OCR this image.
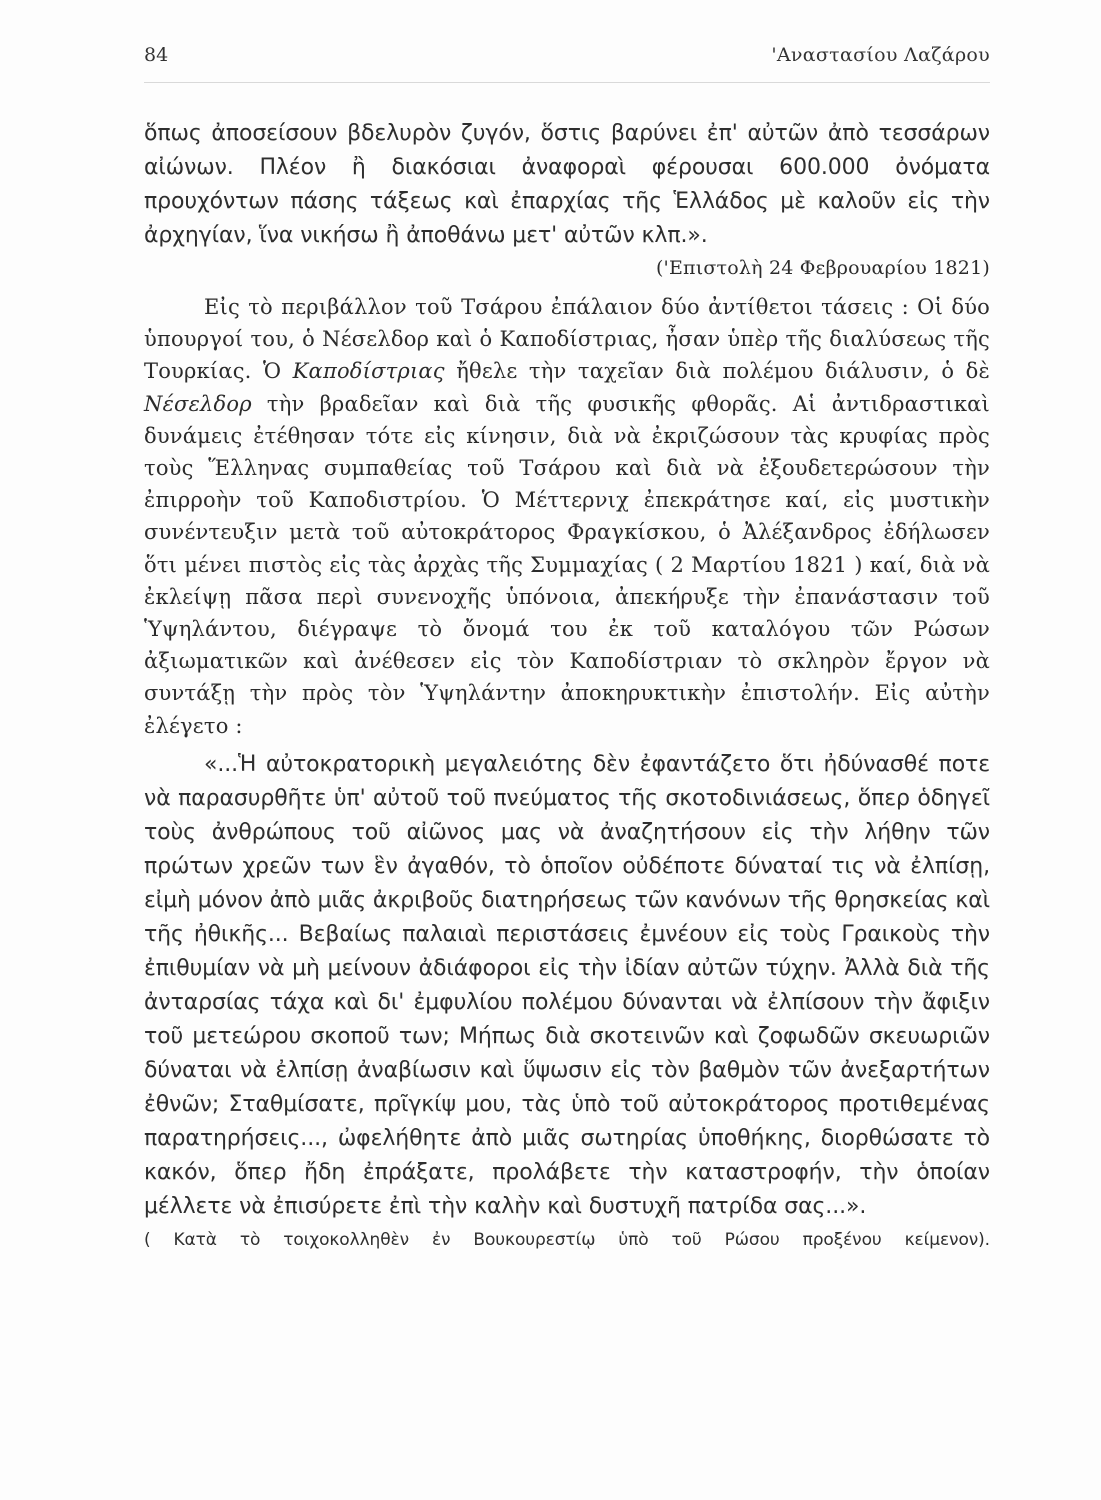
84	'Αναστασίου Λαζάρου

ὅπως ἀποσείσουν βδελυρὸν ζυγόν, ὅστις βαρύνει ἐπ' αὐτῶν ἀπὸ τεσσάρων αἰώνων. Πλέον ἢ διακόσιαι ἀναφοραὶ φέρουσαι 600.000 ὀνόματα προυχόντων πάσης τάξεως καὶ ἐπαρχίας τῆς Ἑλλάδος μὲ καλοῦν εἰς τὴν ἀρχηγίαν, ἵνα νικήσω ἢ ἀποθάνω μετ' αὐτῶν κλπ.».

('Επιστολὴ 24 Φεβρουαρίου 1821)

Εἰς τὸ περιβάλλον τοῦ Τσάρου ἐπάλαιον δύο ἀντίθετοι τάσεις : Οἱ δύο ὑπουργοί του, ὁ Νέσελδορ καὶ ὁ Καποδίστριας, ἦσαν ὑπὲρ τῆς διαλύσεως τῆς Τουρκίας. Ὁ Καποδίστριας ἤθελε τὴν ταχεῖαν διὰ πολέμου διάλυσιν, ὁ δὲ Νέσελδορ τὴν βραδεῖαν καὶ διὰ τῆς φυσικῆς φθορᾶς. Αἱ ἀντιδραστικαὶ δυνάμεις ἐτέθησαν τότε εἰς κίνησιν, διὰ νὰ ἐκριζώσουν τὰς κρυφίας πρὸς τοὺς Ἕλληνας συμπαθείας τοῦ Τσάρου καὶ διὰ νὰ ἐξουδετερώσουν τὴν ἐπιρροὴν τοῦ Καποδιστρίου. Ὁ Μέττερνιχ ἐπεκράτησε καί, εἰς μυστικὴν συνέντευξιν μετὰ τοῦ αὐτοκράτορος Φραγκίσκου, ὁ Ἀλέξανδρος ἐδήλωσεν ὅτι μένει πιστὸς εἰς τὰς ἀρχὰς τῆς Συμμαχίας ( 2 Μαρτίου 1821 ) καί, διὰ νὰ ἐκλείψῃ πᾶσα περὶ συνενοχῆς ὑπόνοια, ἀπεκήρυξε τὴν ἐπανάστασιν τοῦ Ὑψηλάντου, διέγραψε τὸ ὄνομά του ἐκ τοῦ καταλόγου τῶν Ρώσων ἀξιωματικῶν καὶ ἀνέθεσεν εἰς τὸν Καποδίστριαν τὸ σκληρὸν ἔργον νὰ συντάξῃ τὴν πρὸς τὸν Ὑψηλάντην ἀποκηρυκτικὴν ἐπιστολήν. Εἰς αὐτὴν ἐλέγετο :

«...Ἡ αὐτοκρατορικὴ μεγαλειότης δὲν ἐφαντάζετο ὅτι ἠδύνασθέ ποτε νὰ παρασυρθῆτε ὑπ' αὐτοῦ τοῦ πνεύματος τῆς σκοτοδινιάσεως, ὅπερ ὁδηγεῖ τοὺς ἀνθρώπους τοῦ αἰῶνος μας νὰ ἀναζητήσουν εἰς τὴν λήθην τῶν πρώτων χρεῶν των ἓν ἀγαθόν, τὸ ὁποῖον οὐδέποτε δύναταί τις νὰ ἐλπίσῃ, εἰμὴ μόνον ἀπὸ μιᾶς ἀκριβοῦς διατηρήσεως τῶν κανόνων τῆς θρησκείας καὶ τῆς ἠθικῆς... Βεβαίως παλαιαὶ περιστάσεις ἐμνέουν εἰς τοὺς Γραικοὺς τὴν ἐπιθυμίαν νὰ μὴ μείνουν ἀδιάφοροι εἰς τὴν ἰδίαν αὐτῶν τύχην. Ἀλλὰ διὰ τῆς ἀνταρσίας τάχα καὶ δι' ἐμφυλίου πολέμου δύνανται νὰ ἐλπίσουν τὴν ἄφιξιν τοῦ μετεώρου σκοποῦ των; Μήπως διὰ σκοτεινῶν καὶ ζοφωδῶν σκευωριῶν δύναται νὰ ἐλπίσῃ ἀναβίωσιν καὶ ὕψωσιν εἰς τὸν βαθμὸν τῶν ἀνεξαρτήτων ἐθνῶν; Σταθμίσατε, πρῖγκίψ μου, τὰς ὑπὸ τοῦ αὐτοκράτορος προτιθεμένας παρατηρήσεις..., ὠφελήθητε ἀπὸ μιᾶς σωτηρίας ὑποθήκης, διορθώσατε τὸ κακόν, ὅπερ ἤδη ἐπράξατε, προλάβετε τὴν καταστροφήν, τὴν ὁποίαν μέλλετε νὰ ἐπισύρετε ἐπὶ τὴν καλὴν καὶ δυστυχῆ πατρίδα σας...».

( Κατὰ τὸ τοιχοκολληθὲν ἐν Βουκουρεστίῳ ὑπὸ τοῦ Ρώσου προξένου κείμενον).
